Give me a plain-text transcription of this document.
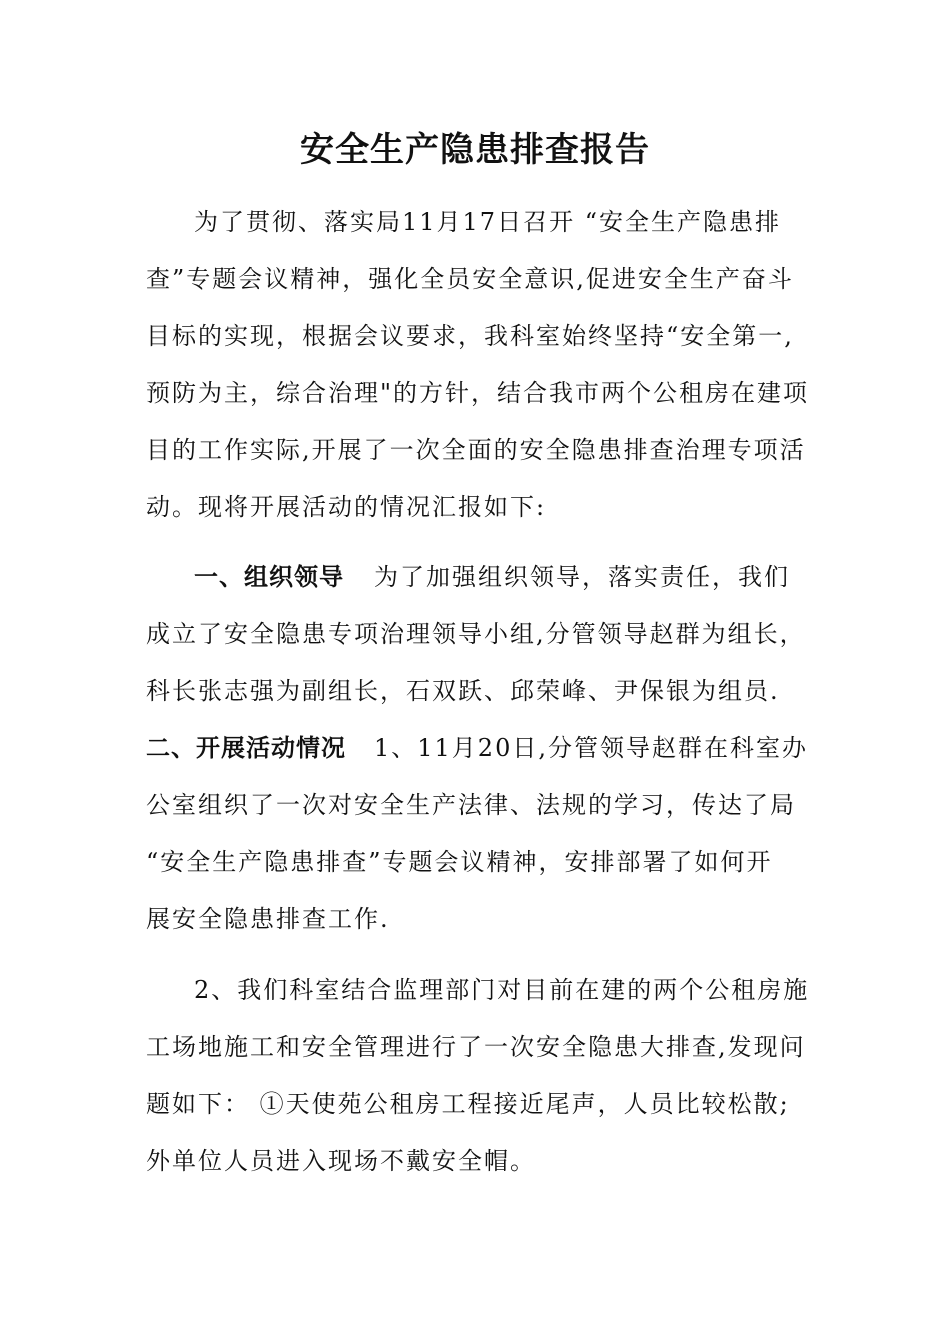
安全生产隐患排查报告
为了贯彻、落实局11月17日召开 “安全生产隐患排
查”专题会议精神，强化全员安全意识,促进安全生产奋斗
目标的实现，根据会议要求，我科室始终坚持“安全第一,
预防为主，综合治理"的方针，结合我市两个公租房在建项
目的工作实际,开展了一次全面的安全隐患排查治理专项活
动。现将开展活动的情况汇报如下:
一、组织领导 为了加强组织领导，落实责任，我们
成立了安全隐患专项治理领导小组,分管领导赵群为组长，
科长张志强为副组长，石双跃、邱荣峰、尹保银为组员.
二、开展活动情况 1、11月20日,分管领导赵群在科室办
公室组织了一次对安全生产法律、法规的学习，传达了局
“安全生产隐患排查”专题会议精神，安排部署了如何开
展安全隐患排查工作.
2、我们科室结合监理部门对目前在建的两个公租房施
工场地施工和安全管理进行了一次安全隐患大排查,发现问
题如下： ①天使苑公租房工程接近尾声，人员比较松散;
外单位人员进入现场不戴安全帽。
